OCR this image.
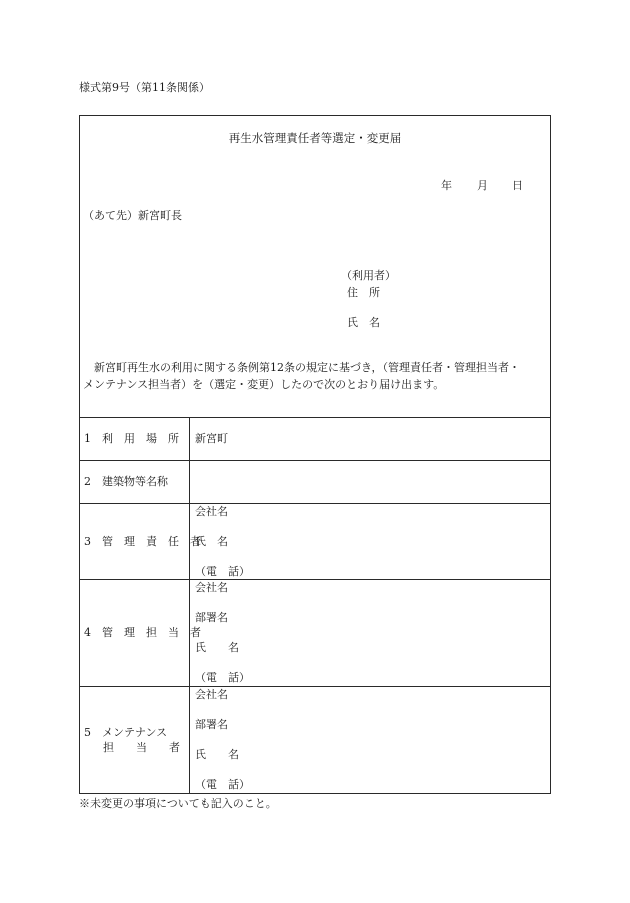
様式第9号（第11条関係）
再生水管理責任者等選定・変更届
年 月 日
（あて先）新宮町長
（利用者）
住　所
氏　名
　新宮町再生水の利用に関する条例第12条の規定に基づき，（管理責任者・管理担当者・
メンテナンス担当者）を（選定・変更）したので次のとおり届け出ます。
1　利　用　場　所 新宮町
2　建築物等名称
3　管　理　責　任　者
会社名
氏　名
（電　話）
4　管　理　担　当　者
会社名
部署名
氏　　名
（電　話）
5　メンテナンス
担　　当　　者
会社名
部署名
氏　　名
（電　話）
※未変更の事項についても記入のこと。
